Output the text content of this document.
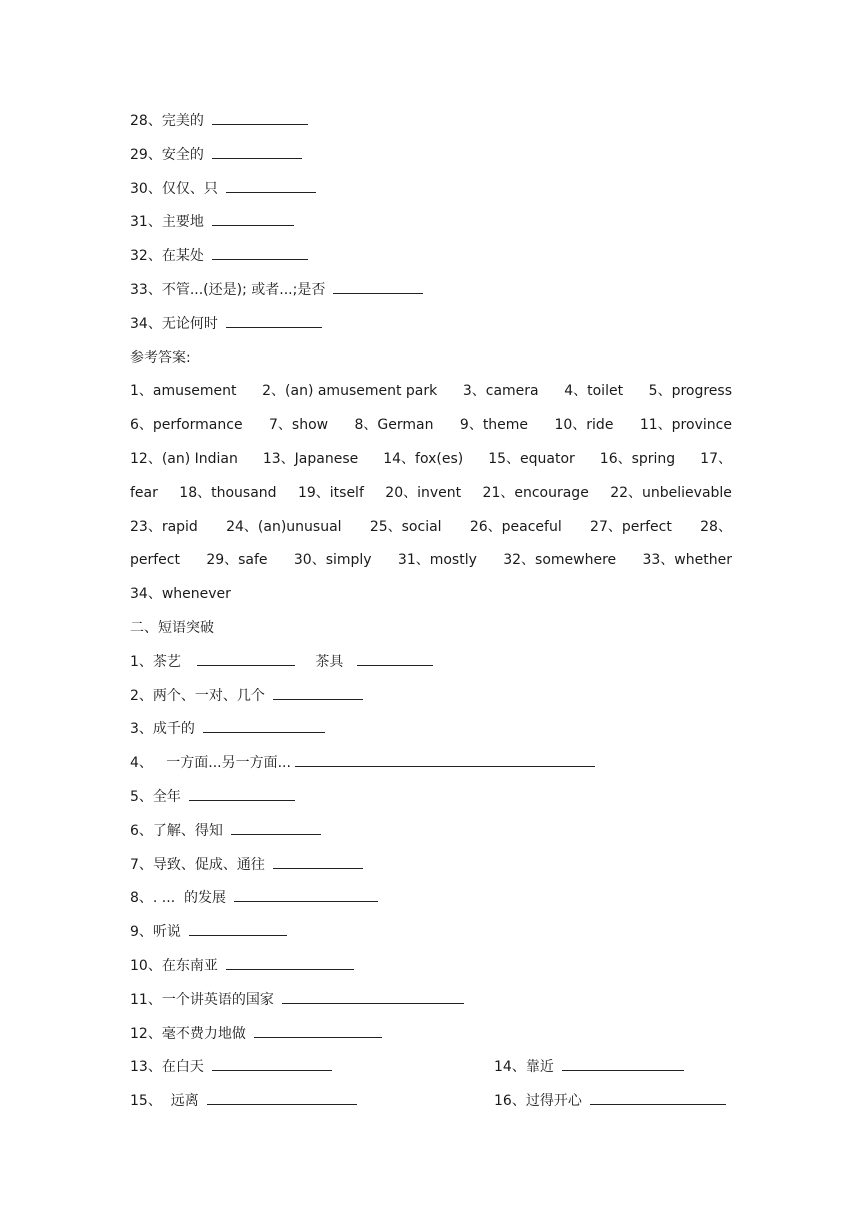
28、完美的
29、安全的
30、仅仅、只
31、主要地
32、在某处
33、不管...(还是); 或者...;是否
34、无论何时
参考答案:
1、amusement 2、(an) amusement park 3、camera 4、toilet 5、progress
6、performance 7、show 8、German 9、theme 10、ride 11、province
12、(an) Indian 13、Japanese 14、fox(es) 15、equator 16、spring 17、
fear 18、thousand 19、itself 20、invent 21、encourage 22、unbelievable
23、rapid 24、(an)unusual 25、social 26、peaceful 27、perfect 28、
perfect 29、safe 30、simply 31、mostly 32、somewhere 33、whether
34、whenever
二、短语突破
1、茶艺	茶具
2、两个、一对、几个
3、成千的
4、   一方面...另一方面...
5、全年
6、了解、得知
7、导致、促成、通往
8、. ...  的发展
9、听说
10、在东南亚
11、一个讲英语的国家
12、毫不费力地做
13、在白天	14、靠近
15、  远离	16、过得开心
